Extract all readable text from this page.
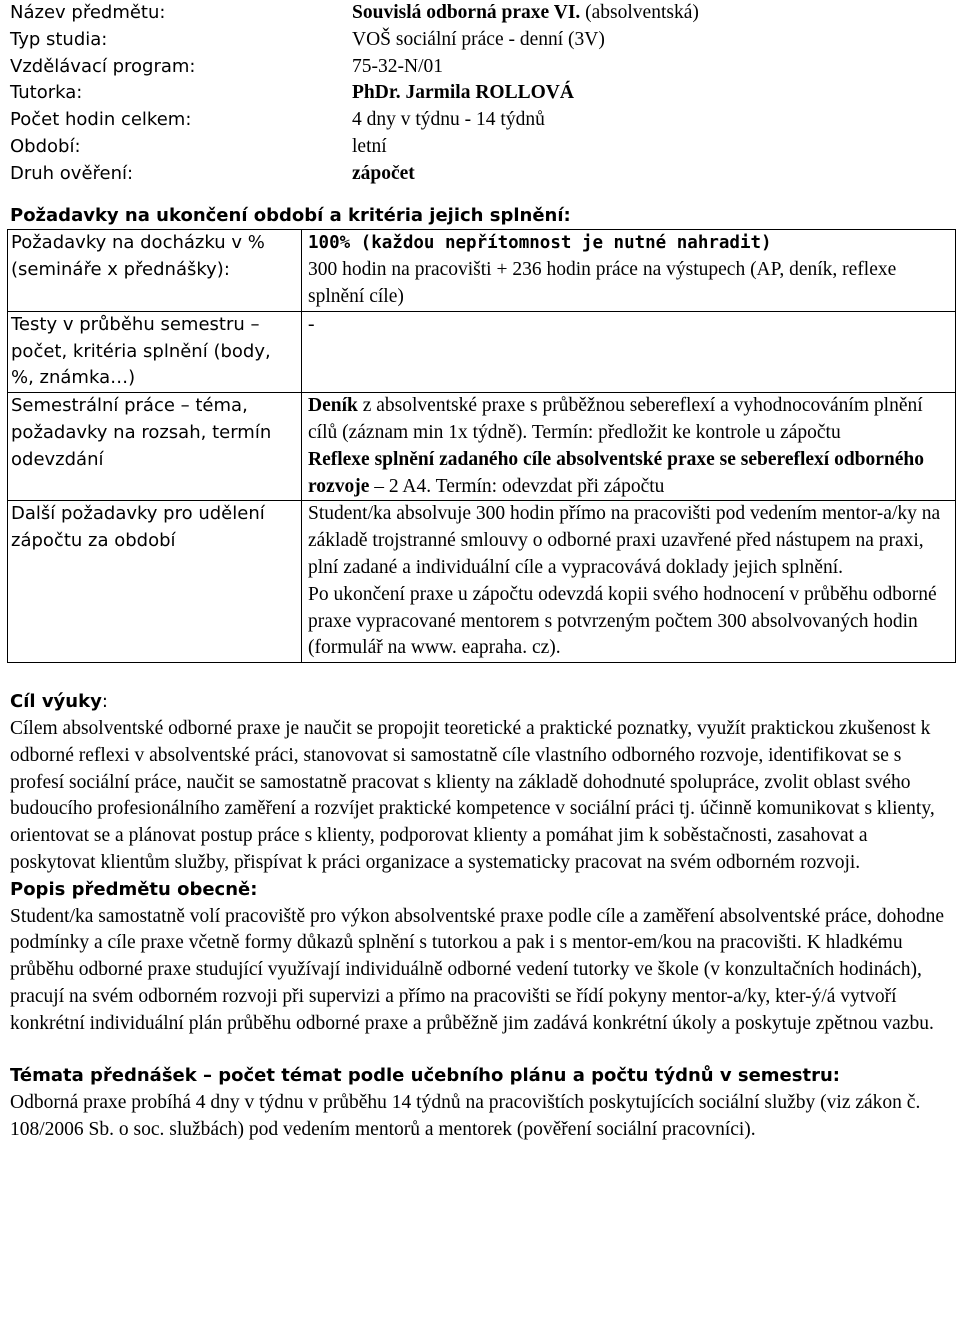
Název předmětu:	Souvislá odborná praxe VI. (absolventská)
Typ studia:	VOŠ sociální práce - denní (3V)
Vzdělávací program:	75-32-N/01
Tutorka:	PhDr. Jarmila ROLLOVÁ
Počet hodin celkem:	4 dny v týdnu - 14 týdnů
Období:	letní
Druh ověření:	zápočet
Požadavky na ukončení období a kritéria jejich splnění:
Požadavky na docházku v % (semináře x přednášky):	100% (každou nepřítomnost je nutné nahradit)
300 hodin na pracovišti + 236 hodin práce na výstupech (AP, deník, reflexe splnění cíle)

Testy v průběhu semestru – počet, kritéria splnění (body, %, známka…)	-
Semestrální práce – téma, požadavky na rozsah, termín odevzdání	Deník z absolventské praxe s průběžnou sebereflexí a vyhodnocováním plnění cílů (záznam min 1x týdně). Termín: předložit ke kontrole u zápočtu
Reflexe splnění zadaného cíle absolventské praxe se sebereflexí odborného rozvoje – 2 A4. Termín: odevzdat při zápočtu

Další požadavky pro udělení zápočtu za období	Student/ka absolvuje 300 hodin přímo na pracovišti pod vedením mentor-a/ky na základě trojstranné smlouvy o odborné praxi uzavřené před nástupem na praxi, plní zadané a individuální cíle a vypracovává doklady jejich splnění.
Po ukončení praxe u zápočtu odevzdá kopii svého hodnocení v průběhu odborné praxe vypracované mentorem s potvrzeným počtem 300 absolvovaných hodin (formulář na www. eapraha. cz).
Cíl výuky:

Cílem absolventské odborné praxe je naučit se propojit teoretické a praktické poznatky, využít praktickou zkušenost k odborné reflexi v absolventské práci, stanovovat si samostatně cíle vlastního odborného rozvoje, identifikovat se s profesí sociální práce, naučit se samostatně pracovat s klienty na základě dohodnuté spolupráce, zvolit oblast svého budoucího profesionálního zaměření a rozvíjet praktické kompetence v sociální práci tj. účinně komunikovat s klienty, orientovat se a plánovat postup práce s klienty, podporovat klienty a pomáhat jim k soběstačnosti, zasahovat a poskytovat klientům služby, přispívat k práci organizace a systematicky pracovat na svém odborném rozvoji.

Popis předmětu obecně:

Student/ka samostatně volí pracoviště pro výkon absolventské praxe podle cíle a zaměření absolventské práce, dohodne podmínky a cíle praxe včetně formy důkazů splnění s tutorkou a pak i s mentor-em/kou na pracovišti. K hladkému průběhu odborné praxe studující využívají individuálně odborné vedení tutorky ve škole (v konzultačních hodinách), pracují na svém odborném rozvoji při supervizi a přímo na pracovišti se řídí pokyny mentor-a/ky, kter-ý/á vytvoří konkrétní individuální plán průběhu odborné praxe a průběžně jim zadává konkrétní úkoly a poskytuje zpětnou vazbu.

Témata přednášek – počet témat podle učebního plánu a počtu týdnů v semestru:

Odborná praxe probíhá 4 dny v týdnu v průběhu 14 týdnů na pracovištích poskytujících sociální služby (viz zákon č. 108/2006 Sb. o soc. službách) pod vedením mentorů a mentorek (pověření sociální pracovníci).
